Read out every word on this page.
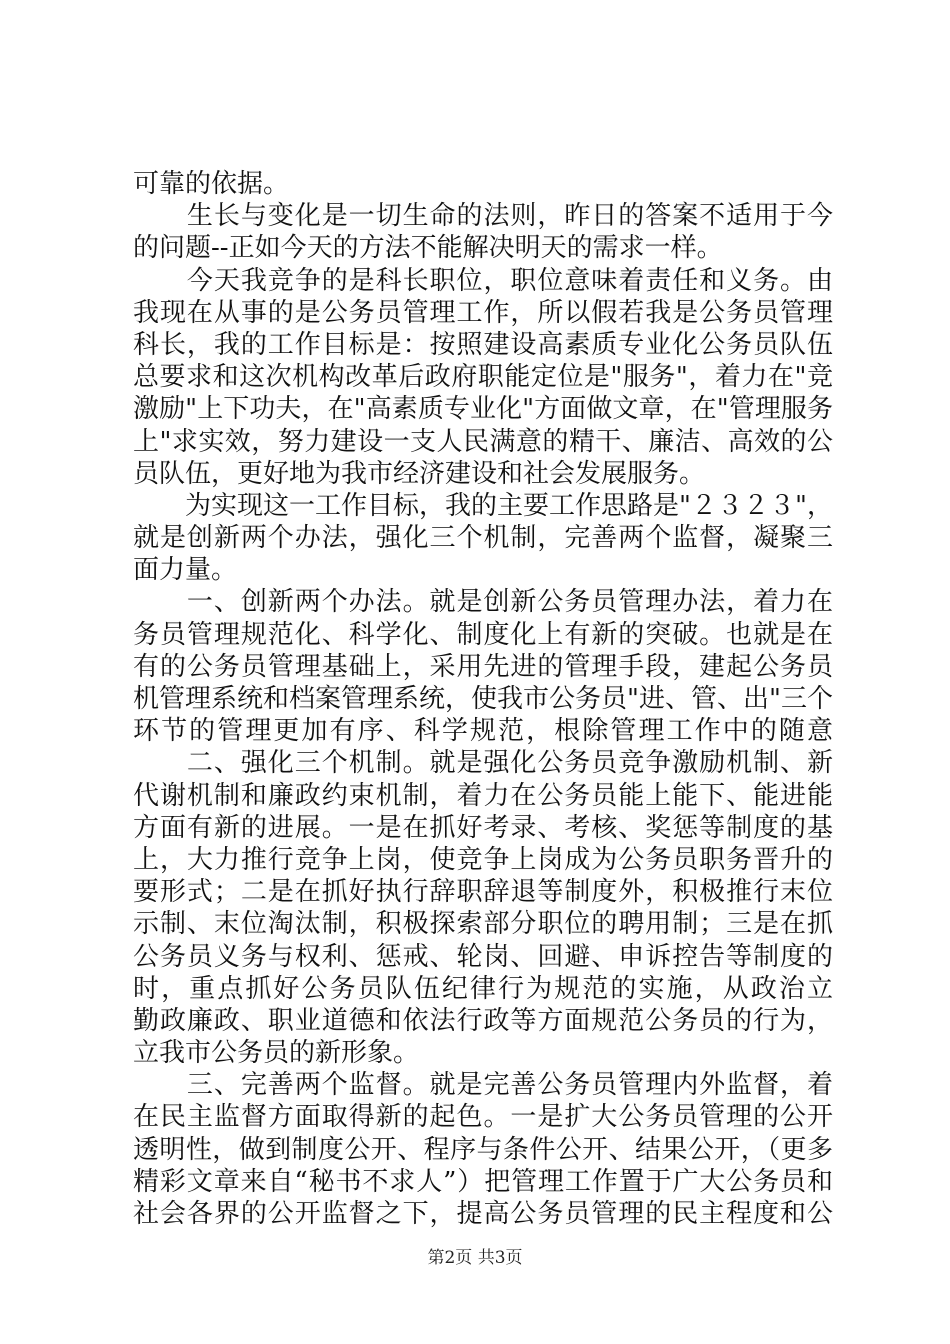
可靠的依据。
　　生长与变化是一切生命的法则，昨日的答案不适用于今
的问题--正如今天的方法不能解决明天的需求一样。
　　今天我竞争的是科长职位，职位意味着责任和义务。由
我现在从事的是公务员管理工作，所以假若我是公务员管理
科长，我的工作目标是：按照建设高素质专业化公务员队伍
总要求和这次机构改革后政府职能定位是"服务"，着力在"竞
激励"上下功夫，在"高素质专业化"方面做文章，在"管理服务
上"求实效，努力建设一支人民满意的精干、廉洁、高效的公
员队伍，更好地为我市经济建设和社会发展服务。
　　为实现这一工作目标，我的主要工作思路是"２３２３"，
就是创新两个办法，强化三个机制，完善两个监督，凝聚三
面力量。
　　一、创新两个办法。就是创新公务员管理办法，着力在
务员管理规范化、科学化、制度化上有新的突破。也就是在
有的公务员管理基础上，采用先进的管理手段，建起公务员
机管理系统和档案管理系统，使我市公务员"进、管、出"三个
环节的管理更加有序、科学规范，根除管理工作中的随意
　　二、强化三个机制。就是强化公务员竞争激励机制、新
代谢机制和廉政约束机制，着力在公务员能上能下、能进能
方面有新的进展。一是在抓好考录、考核、奖惩等制度的基
上，大力推行竞争上岗，使竞争上岗成为公务员职务晋升的
要形式；二是在抓好执行辞职辞退等制度外，积极推行末位
示制、末位淘汰制，积极探索部分职位的聘用制；三是在抓
公务员义务与权利、惩戒、轮岗、回避、申诉控告等制度的
时，重点抓好公务员队伍纪律行为规范的实施，从政治立
勤政廉政、职业道德和依法行政等方面规范公务员的行为，
立我市公务员的新形象。
　　三、完善两个监督。就是完善公务员管理内外监督，着
在民主监督方面取得新的起色。一是扩大公务员管理的公开
透明性，做到制度公开、程序与条件公开、结果公开，（更多
精彩文章来自“秘书不求人”）把管理工作置于广大公务员和
社会各界的公开监督之下，提高公务员管理的民主程度和公
第2页 共3页
